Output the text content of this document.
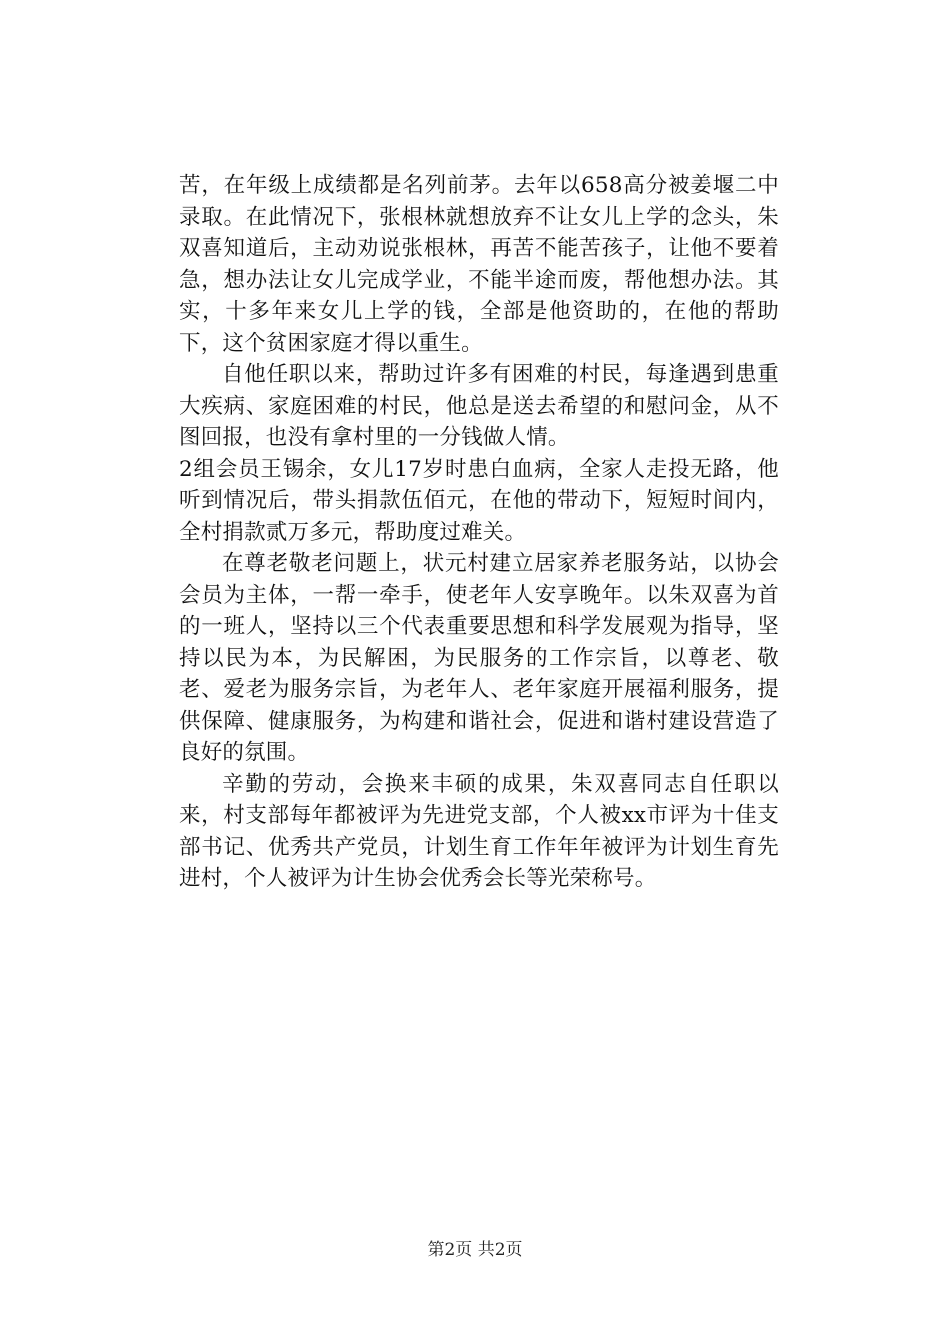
苦，在年级上成绩都是名列前茅。去年以658高分被姜堰二中录取。在此情况下，张根林就想放弃不让女儿上学的念头，朱双喜知道后，主动劝说张根林，再苦不能苦孩子，让他不要着急，想办法让女儿完成学业，不能半途而废，帮他想办法。其实，十多年来女儿上学的钱，全部是他资助的，在他的帮助下，这个贫困家庭才得以重生。

自他任职以来，帮助过许多有困难的村民，每逢遇到患重大疾病、家庭困难的村民，他总是送去希望的和慰问金，从不图回报，也没有拿村里的一分钱做人情。

2组会员王锡余，女儿17岁时患白血病，全家人走投无路，他听到情况后，带头捐款伍佰元，在他的带动下，短短时间内，全村捐款贰万多元，帮助度过难关。

在尊老敬老问题上，状元村建立居家养老服务站，以协会会员为主体，一帮一牵手，使老年人安享晚年。以朱双喜为首的一班人，坚持以三个代表重要思想和科学发展观为指导，坚持以民为本，为民解困，为民服务的工作宗旨，以尊老、敬老、爱老为服务宗旨，为老年人、老年家庭开展福利服务，提供保障、健康服务，为构建和谐社会，促进和谐村建设营造了良好的氛围。

辛勤的劳动，会换来丰硕的成果，朱双喜同志自任职以来，村支部每年都被评为先进党支部，个人被xx市评为十佳支部书记、优秀共产党员，计划生育工作年年被评为计划生育先进村，个人被评为计生协会优秀会长等光荣称号。

第2页 共2页
